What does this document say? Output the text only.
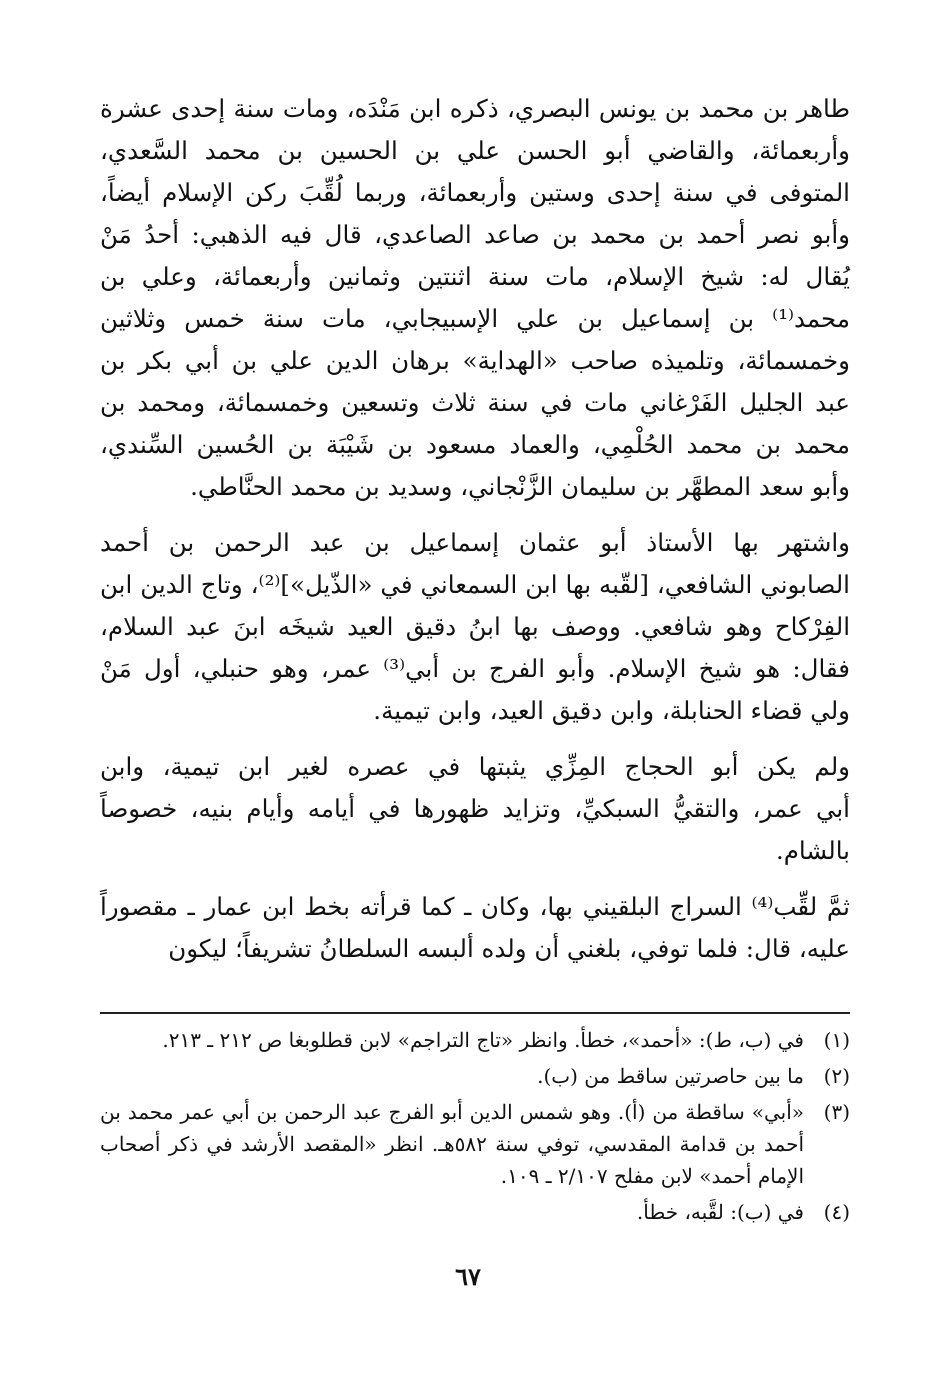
طاهر بن محمد بن يونس البصري، ذكره ابن مَنْدَه، ومات سنة إحدى عشرة
وأربعمائة، والقاضي أبو الحسن علي بن الحسين بن محمد السَّعدي،
المتوفى في سنة إحدى وستين وأربعمائة، وربما لُقِّبَ ركن الإسلام أيضاً،
وأبو نصر أحمد بن محمد بن صاعد الصاعدي، قال فيه الذهبي: أحدُ مَنْ
يُقال له: شيخ الإسلام، مات سنة اثنتين وثمانين وأربعمائة، وعلي بن
محمد⁽¹⁾ بن إسماعيل بن علي الإسبيجابي، مات سنة خمس وثلاثين
وخمسمائة، وتلميذه صاحب «الهداية» برهان الدين علي بن أبي بكر بن
عبد الجليل الفَرْغاني مات في سنة ثلاث وتسعين وخمسمائة، ومحمد بن
محمد بن محمد الحُلْمِي، والعماد مسعود بن شَيْبَة بن الحُسين السِّندي،
وأبو سعد المطهَّر بن سليمان الزَّنْجاني، وسديد بن محمد الحنَّاطي.

واشتهر بها الأستاذ أبو عثمان إسماعيل بن عبد الرحمن بن أحمد
الصابوني الشافعي، [لقّبه بها ابن السمعاني في «الذّيل»]⁽²⁾، وتاج الدين ابن
الفِرْكاح وهو شافعي. ووصف بها ابنُ دقيق العيد شيخَه ابنَ عبد السلام،
فقال: هو شيخ الإسلام. وأبو الفرج بن أبي⁽³⁾ عمر، وهو حنبلي، أول مَنْ
ولي قضاء الحنابلة، وابن دقيق العيد، وابن تيمية.

ولم يكن أبو الحجاج المِزِّي يثبتها في عصره لغير ابن تيمية، وابن
أبي عمر، والتقيُّ السبكيِّ، وتزايد ظهورها في أيامه وأيام بنيه، خصوصاً
بالشام.

ثمَّ لقِّب⁽⁴⁾ السراج البلقيني بها، وكان ـ كما قرأته بخط ابن عمار ـ مقصوراً
عليه، قال: فلما توفي، بلغني أن ولده ألبسه السلطانُ تشريفاً؛ ليكون

(١)
في (ب، ط): «أحمد»، خطأ. وانظر «تاج التراجم» لابن قطلوبغا ص ٢١٢ ـ ٢١٣.
(٢)
ما بين حاصرتين ساقط من (ب).
(٣)
«أبي» ساقطة من (أ). وهو شمس الدين أبو الفرج عبد الرحمن بن أبي عمر محمد بن أحمد بن قدامة المقدسي، توفي سنة ٥٨٢هـ. انظر «المقصد الأرشد في ذكر أصحاب الإمام أحمد» لابن مفلح ٢/١٠٧ ـ ١٠٩.
(٤)
في (ب): لقَّبه، خطأ.
٦٧
